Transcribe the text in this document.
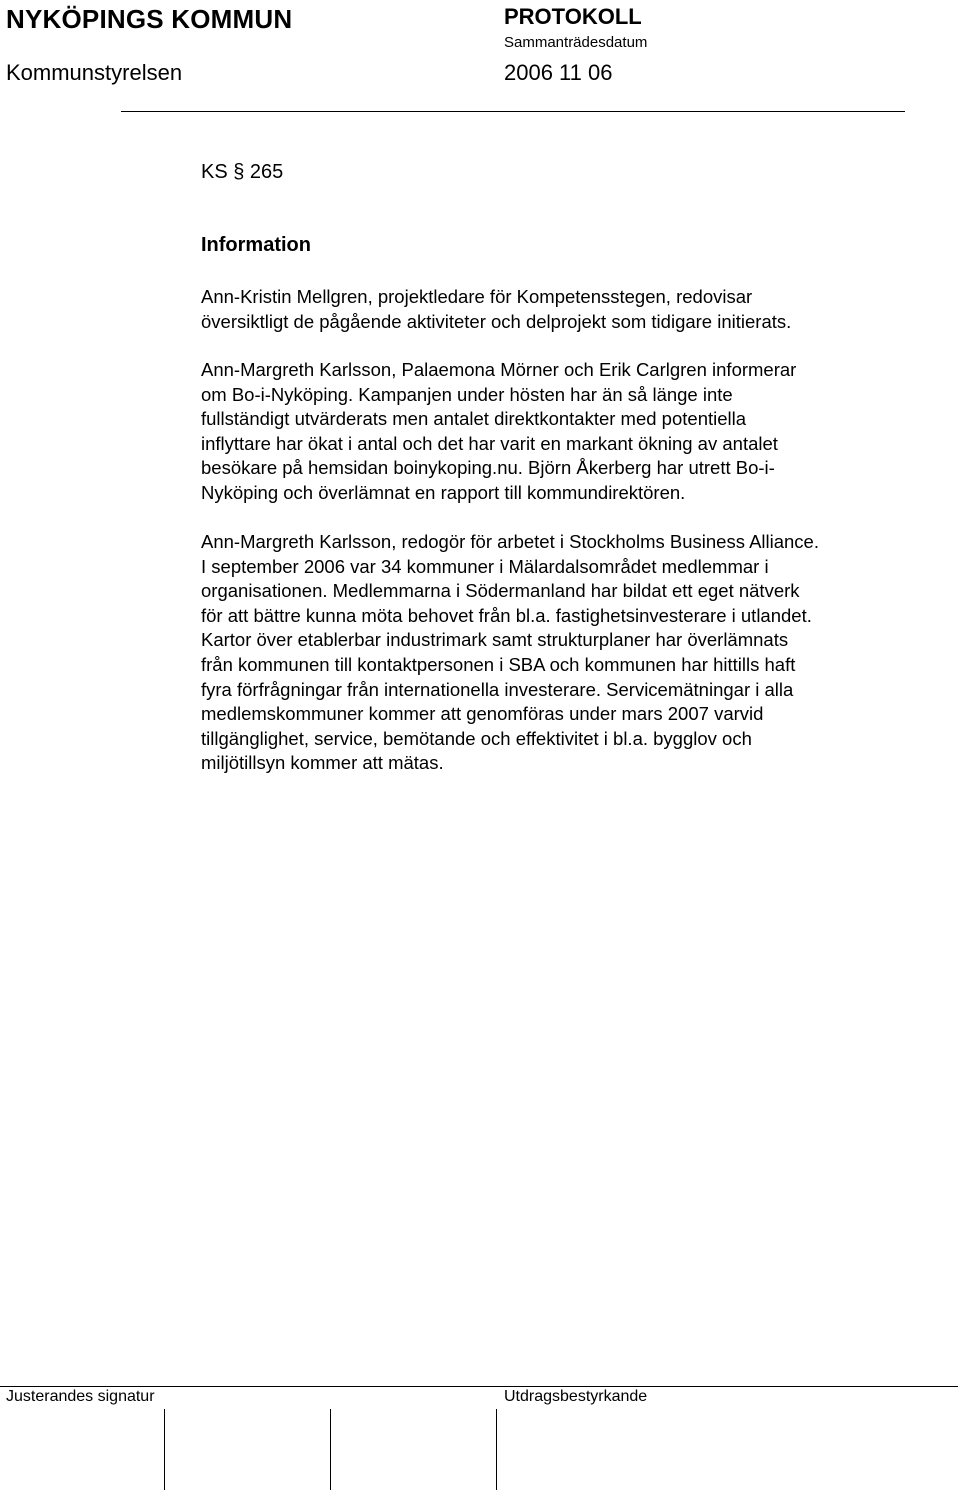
NYKÖPINGS KOMMUN	PROTOKOLL
Sammanträdesdatum
Kommunstyrelsen	2006 11 06
KS § 265
Information
Ann-Kristin Mellgren, projektledare för Kompetensstegen, redovisar
översiktligt de pågående aktiviteter och delprojekt som tidigare initierats.
Ann-Margreth Karlsson, Palaemona Mörner och Erik Carlgren informerar
om Bo-i-Nyköping. Kampanjen under hösten har än så länge inte
fullständigt utvärderats men antalet direktkontakter med potentiella
inflyttare har ökat i antal och det har varit en markant ökning av antalet
besökare på hemsidan boinykoping.nu. Björn Åkerberg har utrett Bo-i-
Nyköping och överlämnat en rapport till kommundirektören.
Ann-Margreth Karlsson, redogör för arbetet i Stockholms Business Alliance.
I september 2006 var 34 kommuner i Mälardalsområdet medlemmar i
organisationen. Medlemmarna i Södermanland har bildat ett eget nätverk
för att bättre kunna möta behovet från bl.a. fastighetsinvesterare i utlandet.
Kartor över etablerbar industrimark samt strukturplaner har överlämnats
från kommunen till kontaktpersonen i SBA och kommunen har hittills haft
fyra förfrågningar från internationella investerare. Servicemätningar i alla
medlemskommuner kommer att genomföras under mars 2007 varvid
tillgänglighet, service, bemötande och effektivitet i bl.a. bygglov och
miljötillsyn kommer att mätas.
Justerandes signatur	Utdragsbestyrkande
